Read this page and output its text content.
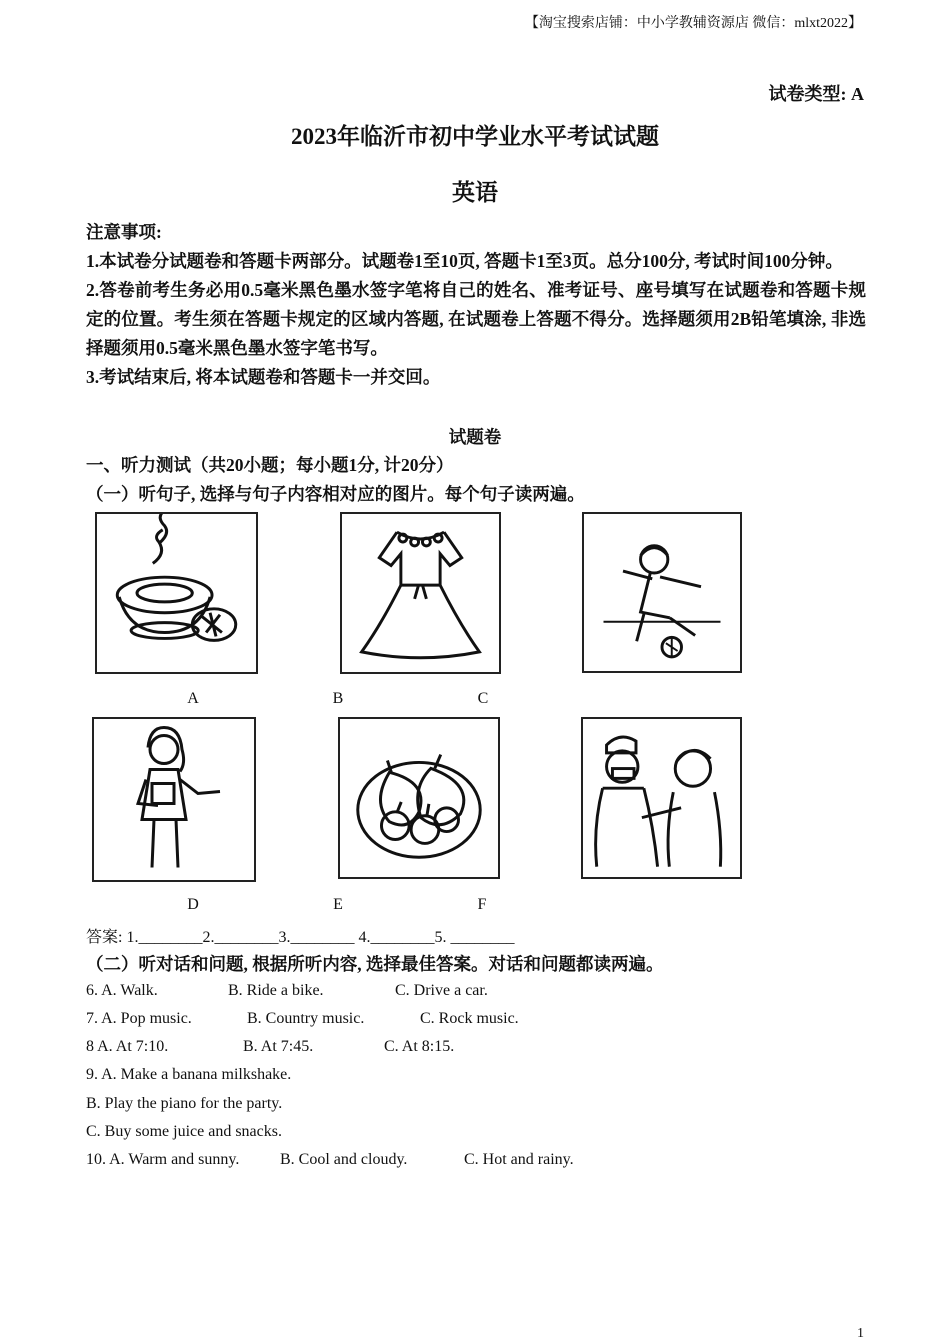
【淘宝搜索店铺：中小学教辅资源店 微信：mlxt2022】
试卷类型: A
2023年临沂市初中学业水平考试试题
英语

注意事项:

1.本试卷分试题卷和答题卡两部分。试题卷1至10页, 答题卡1至3页。总分100分, 考试时间100分钟。

2.答卷前考生务必用0.5毫米黑色墨水签字笔将自己的姓名、准考证号、座号填写在试题卷和答题卡规定的位置。考生须在答题卡规定的区域内答题, 在试题卷上答题不得分。选择题须用2B铅笔填涂, 非选择题须用0.5毫米黑色墨水签字笔书写。

3.考试结束后, 将本试题卷和答题卡一并交回。

试题卷
一、听力测试（共20小题；每小题1分, 计20分）
（一）听句子, 选择与句子内容相对应的图片。每个句子读两遍。
A	B	C
D	E	F
答案: 1.________2.________3.________ 4.________5. ________
（二）听对话和问题, 根据所听内容, 选择最佳答案。对话和问题都读两遍。
6. A. Walk.	B. Ride a bike.	C. Drive a car.
7. A. Pop music.	B. Country music.	C. Rock music.
8 A. At 7:10.	B. At 7:45.	C. At 8:15.
9. A. Make a banana milkshake.
B. Play the piano for the party.
C. Buy some juice and snacks.
10. A. Warm and sunny.	B. Cool and cloudy.	C. Hot and rainy.
1
